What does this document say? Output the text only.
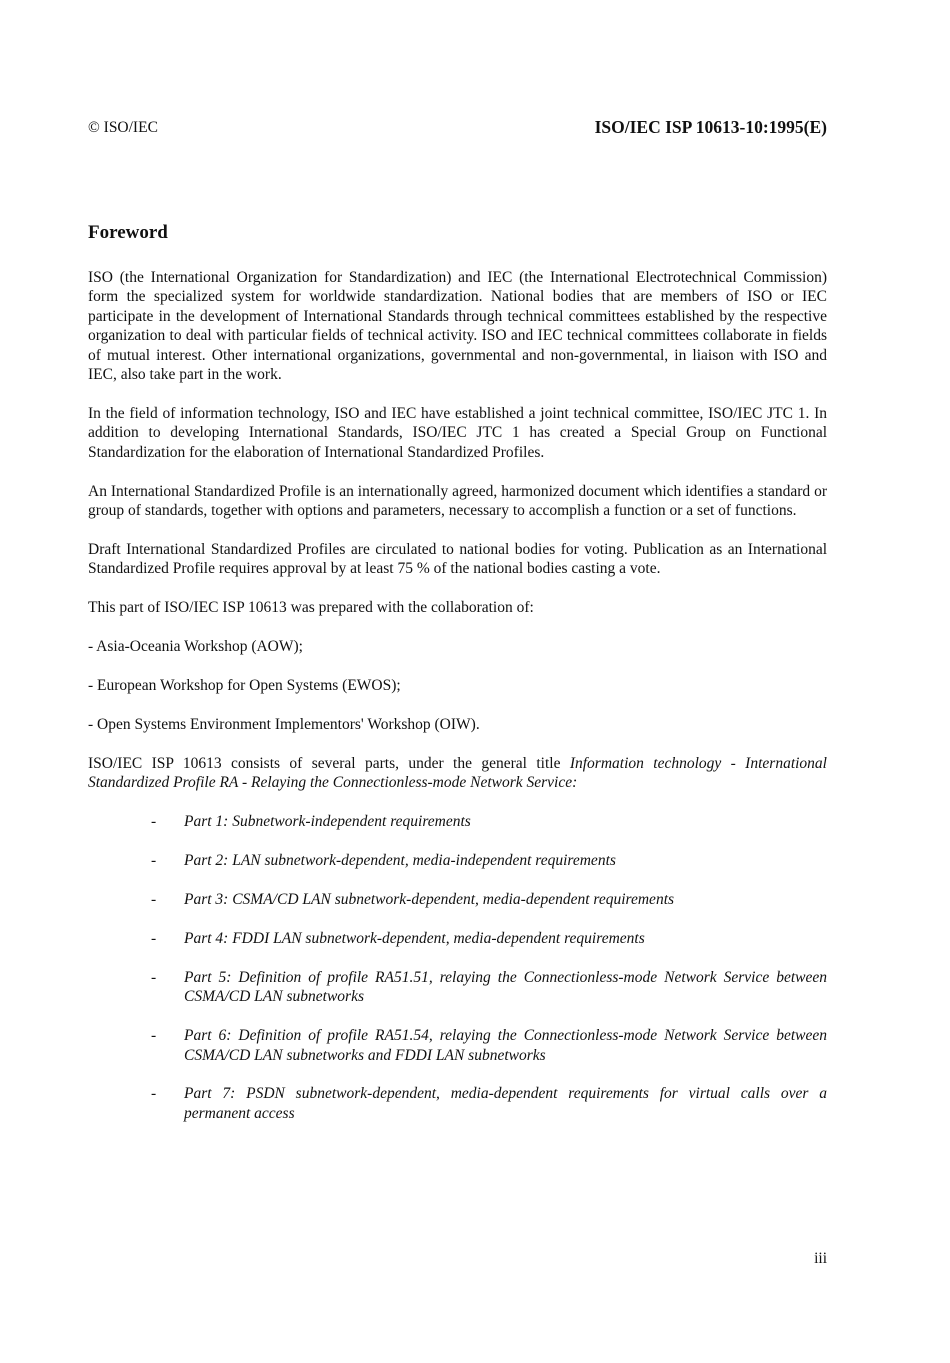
© ISO/IEC	ISO/IEC ISP 10613-10:1995(E)
Foreword

ISO (the International Organization for Standardization) and IEC (the International Electrotechnical Commission) form the specialized system for worldwide standardization. National bodies that are members of ISO or IEC participate in the development of International Standards through technical committees established by the respective organization to deal with particular fields of technical activity. ISO and IEC technical committees collaborate in fields of mutual interest. Other international organizations, governmental and non-governmental, in liaison with ISO and IEC, also take part in the work.

In the field of information technology, ISO and IEC have established a joint technical committee, ISO/IEC JTC 1. In addition to developing International Standards, ISO/IEC JTC 1 has created a Special Group on Functional Standardization for the elaboration of International Standardized Profiles.

An International Standardized Profile is an internationally agreed, harmonized document which identifies a standard or group of standards, together with options and parameters, necessary to accomplish a function or a set of functions.

Draft International Standardized Profiles are circulated to national bodies for voting. Publication as an International Standardized Profile requires approval by at least 75 % of the national bodies casting a vote.

This part of ISO/IEC ISP 10613 was prepared with the collaboration of:

- Asia-Oceania Workshop (AOW);
- European Workshop for Open Systems (EWOS);
- Open Systems Environment Implementors' Workshop (OIW).

ISO/IEC ISP 10613 consists of several parts, under the general title Information technology - International Standardized Profile RA - Relaying the Connectionless-mode Network Service:

- Part 1: Subnetwork-independent requirements
- Part 2: LAN subnetwork-dependent, media-independent requirements
- Part 3: CSMA/CD LAN subnetwork-dependent, media-dependent requirements
- Part 4: FDDI LAN subnetwork-dependent, media-dependent requirements
- Part 5: Definition of profile RA51.51, relaying the Connectionless-mode Network Service between CSMA/CD LAN subnetworks
- Part 6: Definition of profile RA51.54, relaying the Connectionless-mode Network Service between CSMA/CD LAN subnetworks and FDDI LAN subnetworks
- Part 7: PSDN subnetwork-dependent, media-dependent requirements for virtual calls over a permanent access
iii
